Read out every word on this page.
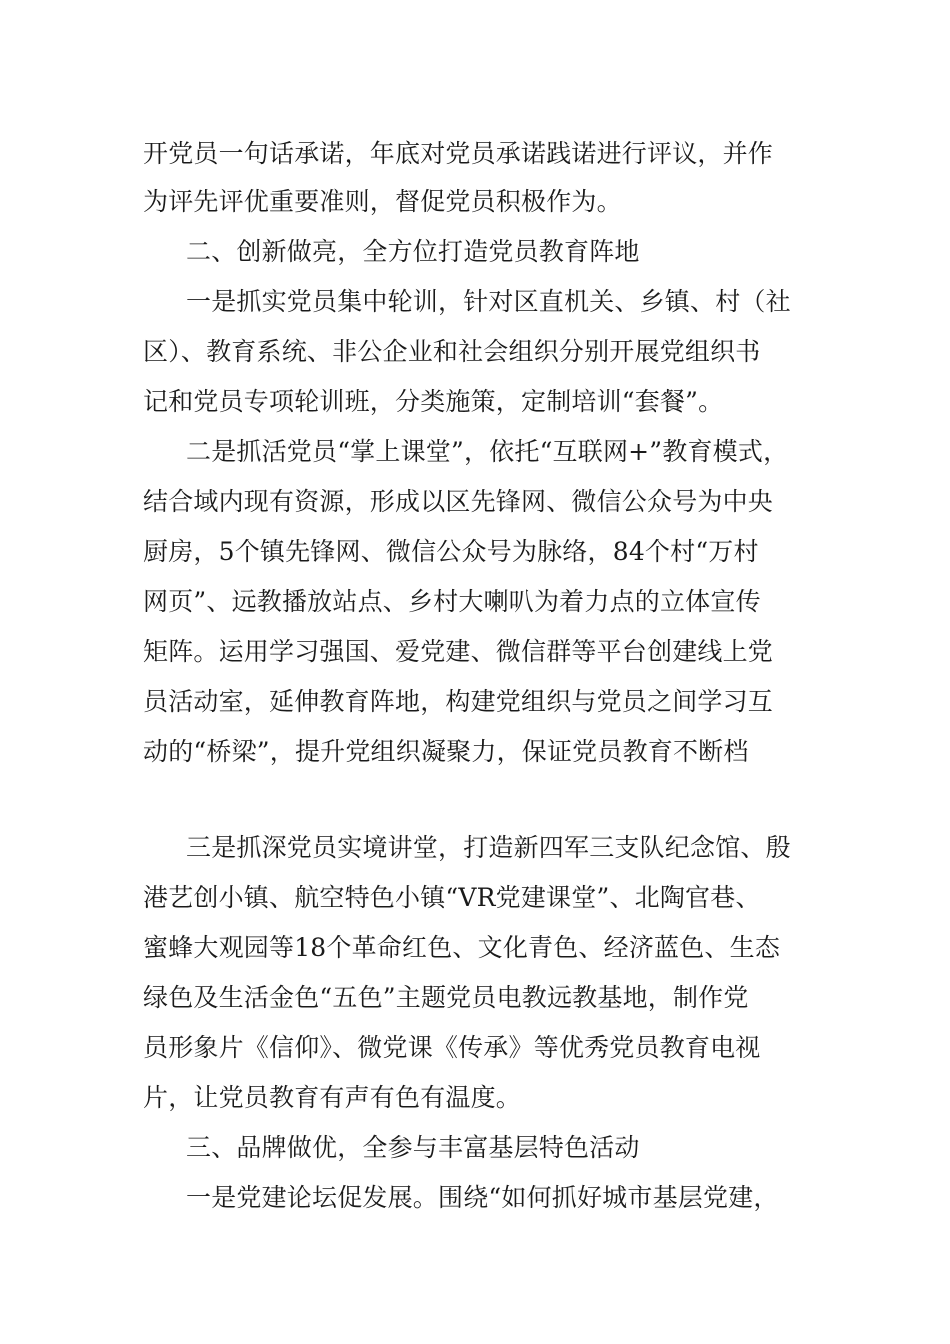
开党员一句话承诺，年底对党员承诺践诺进行评议，并作
为评先评优重要准则，督促党员积极作为。
二、创新做亮，全方位打造党员教育阵地
一是抓实党员集中轮训，针对区直机关、乡镇、村（社
区）、教育系统、非公企业和社会组织分别开展党组织书
记和党员专项轮训班，分类施策，定制培训“套餐”。
二是抓活党员“掌上课堂”，依托“互联网+”教育模式，
结合域内现有资源，形成以区先锋网、微信公众号为中央
厨房，5个镇先锋网、微信公众号为脉络，84个村“万村
网页”、远教播放站点、乡村大喇叭为着力点的立体宣传
矩阵。运用学习强国、爱党建、微信群等平台创建线上党
员活动室，延伸教育阵地，构建党组织与党员之间学习互
动的“桥梁”，提升党组织凝聚力，保证党员教育不断档
三是抓深党员实境讲堂，打造新四军三支队纪念馆、殷
港艺创小镇、航空特色小镇“VR党建课堂”、北陶官巷、
蜜蜂大观园等18个革命红色、文化青色、经济蓝色、生态
绿色及生活金色“五色”主题党员电教远教基地，制作党
员形象片《信仰》、微党课《传承》等优秀党员教育电视
片，让党员教育有声有色有温度。
三、品牌做优，全参与丰富基层特色活动
一是党建论坛促发展。围绕“如何抓好城市基层党建，
